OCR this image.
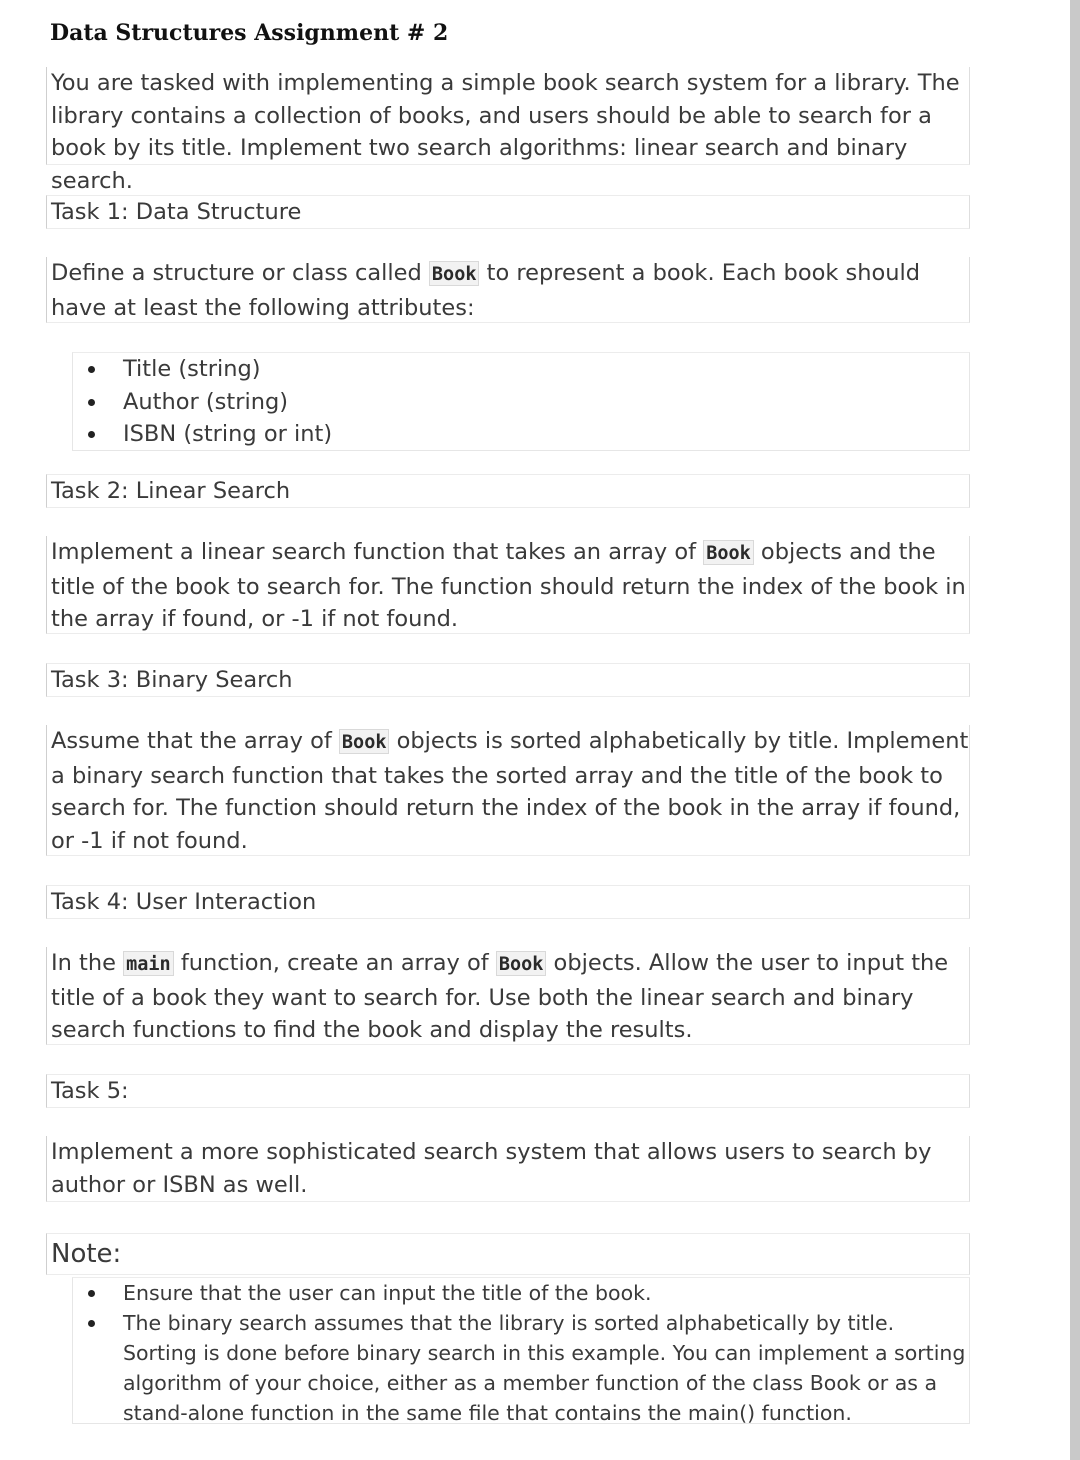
Data Structures Assignment # 2
You are tasked with implementing a simple book search system for a library. The library contains a collection of books, and users should be able to search for a book by its title. Implement two search algorithms: linear search and binary search.
Task 1: Data Structure
Define a structure or class called Book to represent a book. Each book should have at least the following attributes:
Title (string)
Author (string)
ISBN (string or int)
Task 2: Linear Search
Implement a linear search function that takes an array of Book objects and the title of the book to search for. The function should return the index of the book in the array if found, or -1 if not found.
Task 3: Binary Search
Assume that the array of Book objects is sorted alphabetically by title. Implement a binary search function that takes the sorted array and the title of the book to search for. The function should return the index of the book in the array if found, or -1 if not found.
Task 4: User Interaction
In the main function, create an array of Book objects. Allow the user to input the title of a book they want to search for. Use both the linear search and binary search functions to find the book and display the results.
Task 5:
Implement a more sophisticated search system that allows users to search by author or ISBN as well.
Note:
Ensure that the user can input the title of the book.
The binary search assumes that the library is sorted alphabetically by title. Sorting is done before binary search in this example. You can implement a sorting algorithm of your choice, either as a member function of the class Book or as a stand-alone function in the same file that contains the main() function.
